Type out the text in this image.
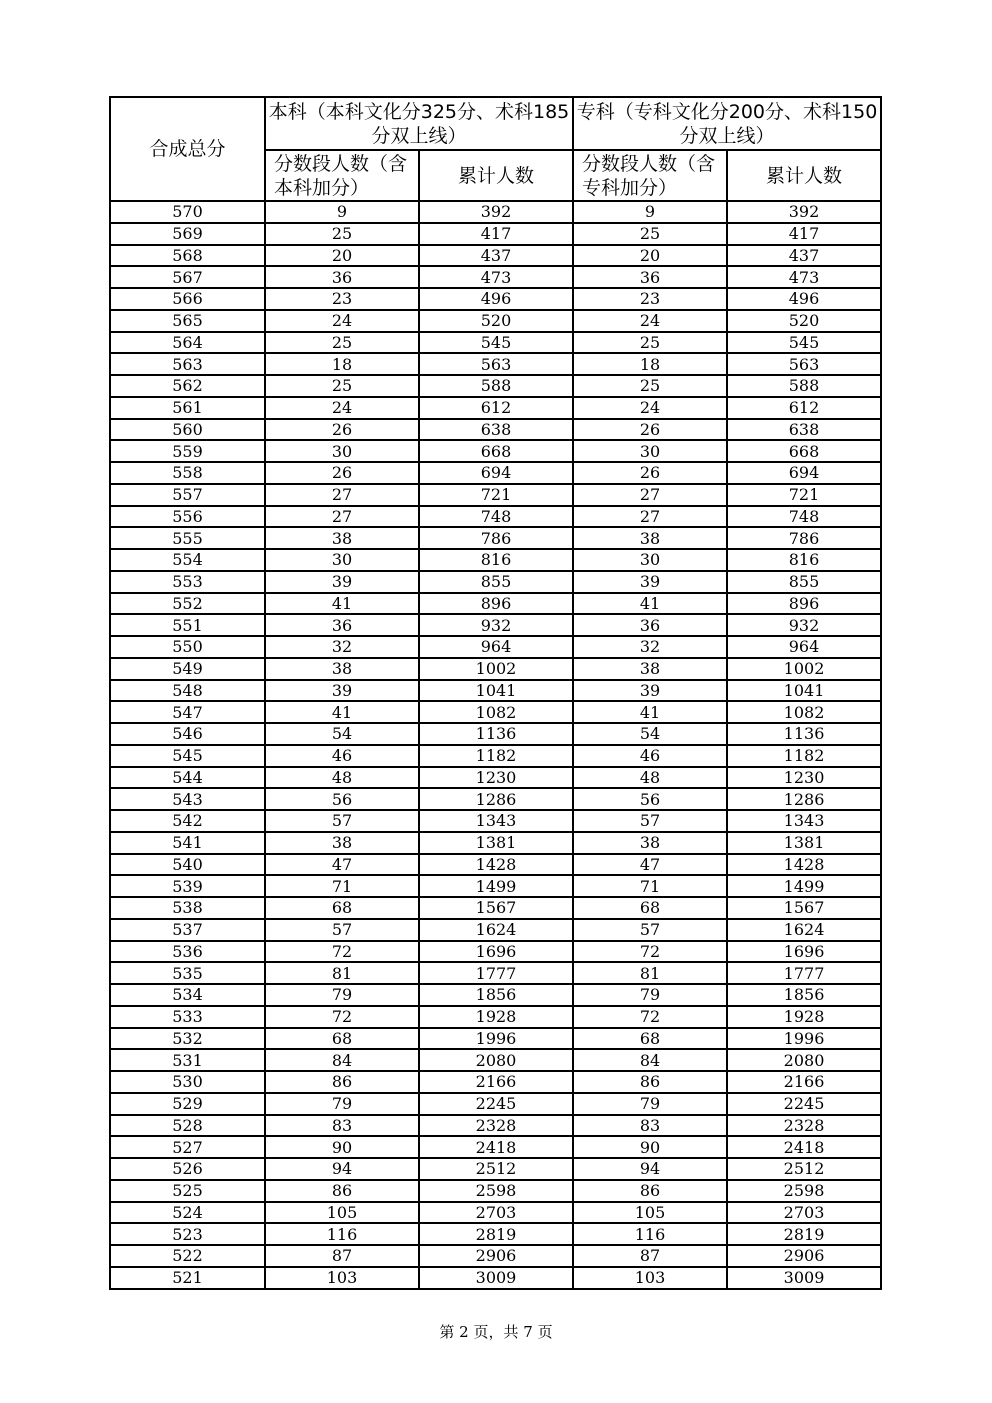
合成总分	本科（本科文化分325分、术科185分双上线）		专科（专科文化分200分、术科150分双上线）	
	分数段人数（含本科加分）	累计人数	分数段人数（含专科加分）	累计人数
570	9	392	9	392
569	25	417	25	417
568	20	437	20	437
567	36	473	36	473
566	23	496	23	496
565	24	520	24	520
564	25	545	25	545
563	18	563	18	563
562	25	588	25	588
561	24	612	24	612
560	26	638	26	638
559	30	668	30	668
558	26	694	26	694
557	27	721	27	721
556	27	748	27	748
555	38	786	38	786
554	30	816	30	816
553	39	855	39	855
552	41	896	41	896
551	36	932	36	932
550	32	964	32	964
549	38	1002	38	1002
548	39	1041	39	1041
547	41	1082	41	1082
546	54	1136	54	1136
545	46	1182	46	1182
544	48	1230	48	1230
543	56	1286	56	1286
542	57	1343	57	1343
541	38	1381	38	1381
540	47	1428	47	1428
539	71	1499	71	1499
538	68	1567	68	1567
537	57	1624	57	1624
536	72	1696	72	1696
535	81	1777	81	1777
534	79	1856	79	1856
533	72	1928	72	1928
532	68	1996	68	1996
531	84	2080	84	2080
530	86	2166	86	2166
529	79	2245	79	2245
528	83	2328	83	2328
527	90	2418	90	2418
526	94	2512	94	2512
525	86	2598	86	2598
524	105	2703	105	2703
523	116	2819	116	2819
522	87	2906	87	2906
521	103	3009	103	3009
第 2 页，共 7 页
